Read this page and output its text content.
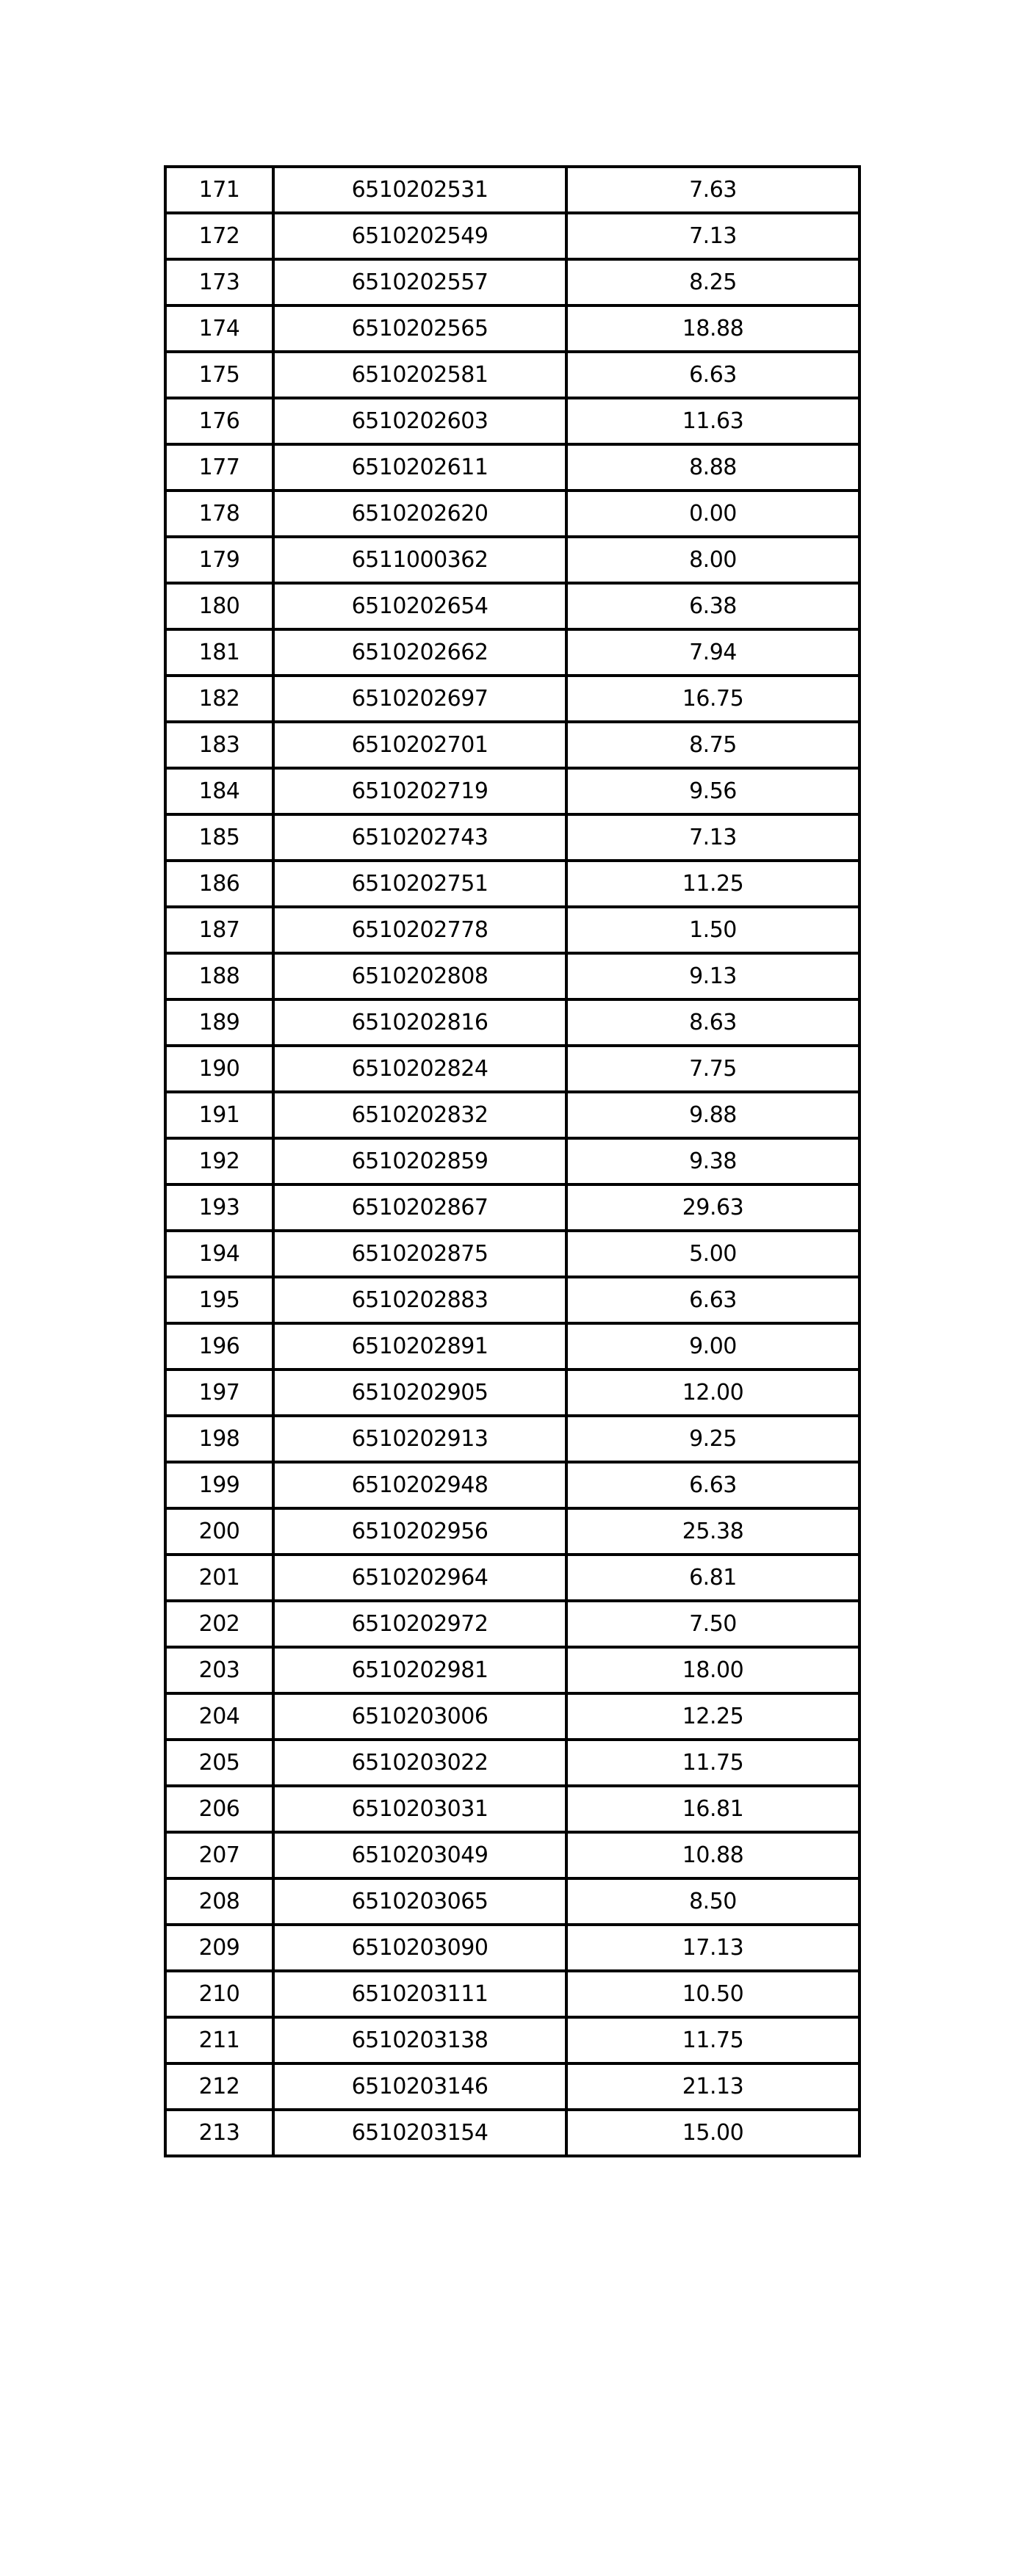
171	6510202531	7.63
172	6510202549	7.13
173	6510202557	8.25
174	6510202565	18.88
175	6510202581	6.63
176	6510202603	11.63
177	6510202611	8.88
178	6510202620	0.00
179	6511000362	8.00
180	6510202654	6.38
181	6510202662	7.94
182	6510202697	16.75
183	6510202701	8.75
184	6510202719	9.56
185	6510202743	7.13
186	6510202751	11.25
187	6510202778	1.50
188	6510202808	9.13
189	6510202816	8.63
190	6510202824	7.75
191	6510202832	9.88
192	6510202859	9.38
193	6510202867	29.63
194	6510202875	5.00
195	6510202883	6.63
196	6510202891	9.00
197	6510202905	12.00
198	6510202913	9.25
199	6510202948	6.63
200	6510202956	25.38
201	6510202964	6.81
202	6510202972	7.50
203	6510202981	18.00
204	6510203006	12.25
205	6510203022	11.75
206	6510203031	16.81
207	6510203049	10.88
208	6510203065	8.50
209	6510203090	17.13
210	6510203111	10.50
211	6510203138	11.75
212	6510203146	21.13
213	6510203154	15.00
